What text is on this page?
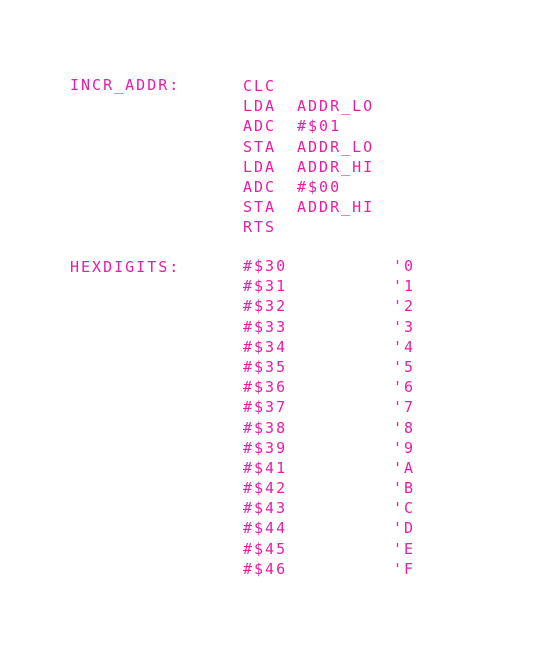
INCR_ADDR:	CLC
LDA ADDR_LO
ADC #$01
STA ADDR_LO
LDA ADDR_HI
ADC #$00
STA ADDR_HI
RTS
HEXDIGITS:	#$30	'0
#$31	'1
#$32	'2
#$33	'3
#$34	'4
#$35	'5
#$36	'6
#$37	'7
#$38	'8
#$39	'9
#$41	'A
#$42	'B
#$43	'C
#$44	'D
#$45	'E
#$46	'F
